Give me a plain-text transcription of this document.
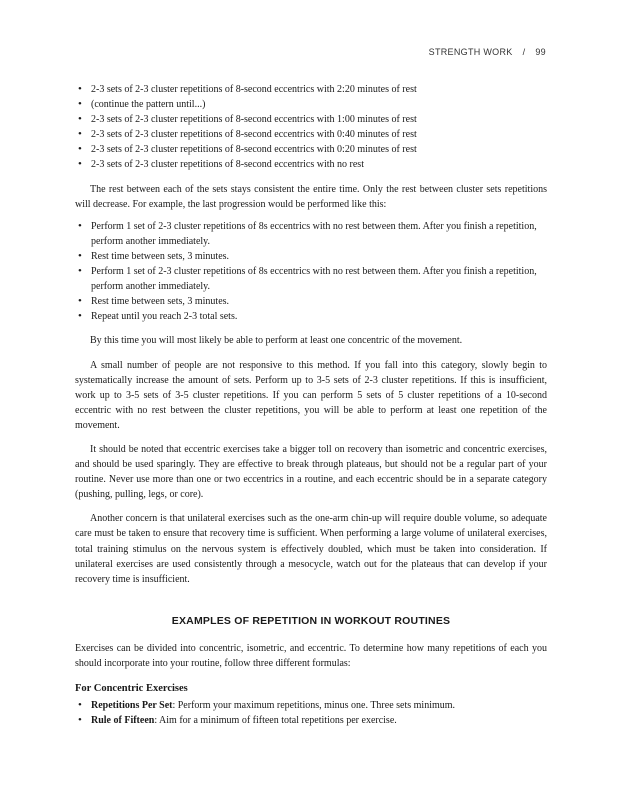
STRENGTH WORK / 99
• 2-3 sets of 2-3 cluster repetitions of 8-second eccentrics with 2:20 minutes of rest
• (continue the pattern until...)
• 2-3 sets of 2-3 cluster repetitions of 8-second eccentrics with 1:00 minutes of rest
• 2-3 sets of 2-3 cluster repetitions of 8-second eccentrics with 0:40 minutes of rest
• 2-3 sets of 2-3 cluster repetitions of 8-second eccentrics with 0:20 minutes of rest
• 2-3 sets of 2-3 cluster repetitions of 8-second eccentrics with no rest

The rest between each of the sets stays consistent the entire time. Only the rest between cluster sets repetitions will decrease. For example, the last progression would be performed like this:

• Perform 1 set of 2-3 cluster repetitions of 8s eccentrics with no rest between them. After you finish a repetition, perform another immediately.
• Rest time between sets, 3 minutes.
• Perform 1 set of 2-3 cluster repetitions of 8s eccentrics with no rest between them. After you finish a repetition, perform another immediately.
• Rest time between sets, 3 minutes.
• Repeat until you reach 2-3 total sets.

By this time you will most likely be able to perform at least one concentric of the movement.

A small number of people are not responsive to this method. If you fall into this category, slowly begin to systematically increase the amount of sets. Perform up to 3-5 sets of 2-3 cluster repetitions. If this is insufficient, work up to 3-5 sets of 3-5 cluster repetitions. If you can perform 5 sets of 5 cluster repetitions of a 10-second eccentric with no rest between the cluster repetitions, you will be able to perform at least one repetition of the movement.

It should be noted that eccentric exercises take a bigger toll on recovery than isometric and concentric exercises, and should be used sparingly. They are effective to break through plateaus, but should not be a regular part of your routine. Never use more than one or two eccentrics in a routine, and each eccentric should be in a separate category (pushing, pulling, legs, or core).

Another concern is that unilateral exercises such as the one-arm chin-up will require double volume, so adequate care must be taken to ensure that recovery time is sufficient. When performing a large volume of unilateral exercises, total training stimulus on the nervous system is effectively doubled, which must be taken into consideration. If unilateral exercises are used consistently through a mesocycle, watch out for the plateaus that can develop if your recovery time is insufficient.

EXAMPLES OF REPETITION IN WORKOUT ROUTINES

Exercises can be divided into concentric, isometric, and eccentric. To determine how many repetitions of each you should incorporate into your routine, follow three different formulas:

For Concentric Exercises
• Repetitions Per Set: Perform your maximum repetitions, minus one. Three sets minimum.
• Rule of Fifteen: Aim for a minimum of fifteen total repetitions per exercise.
